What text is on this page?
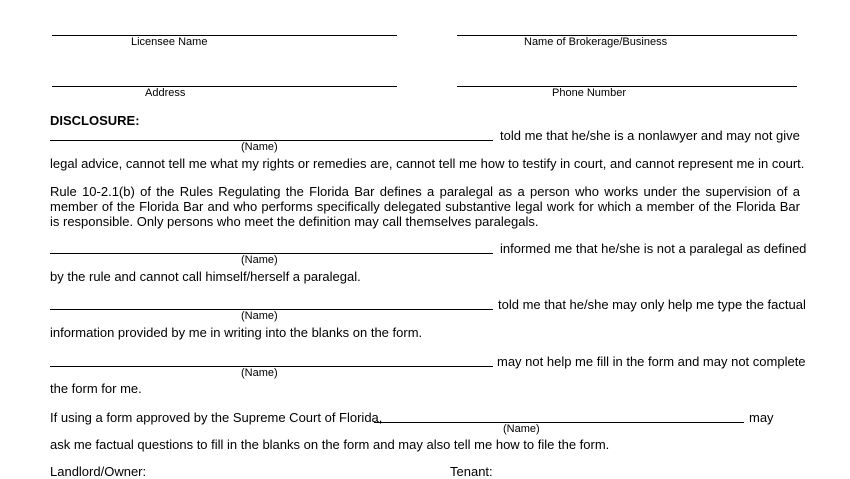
Licensee Name	Name of Brokerage/Business
Address	Phone Number
DISCLOSURE:
told me that he/she is a nonlawyer and may not give
(Name)
legal advice, cannot tell me what my rights or remedies are, cannot tell me how to testify in court, and cannot represent me in court.
Rule 10-2.1(b) of the Rules Regulating the Florida Bar defines a paralegal as a person who works under the supervision of a member of the Florida Bar and who performs specifically delegated substantive legal work for which a member of the Florida Bar is responsible. Only persons who meet the definition may call themselves paralegals.
informed me that he/she is not a paralegal as defined
(Name)
by the rule and cannot call himself/herself a paralegal.
told me that he/she may only help me type the factual
(Name)
information provided by me in writing into the blanks on the form.
may not help me fill in the form and may not complete
(Name)
the form for me.
If using a form approved by the Supreme Court of Florida,	may
(Name)
ask me factual questions to fill in the blanks on the form and may also tell me how to file the form.
Landlord/Owner:	Tenant:
